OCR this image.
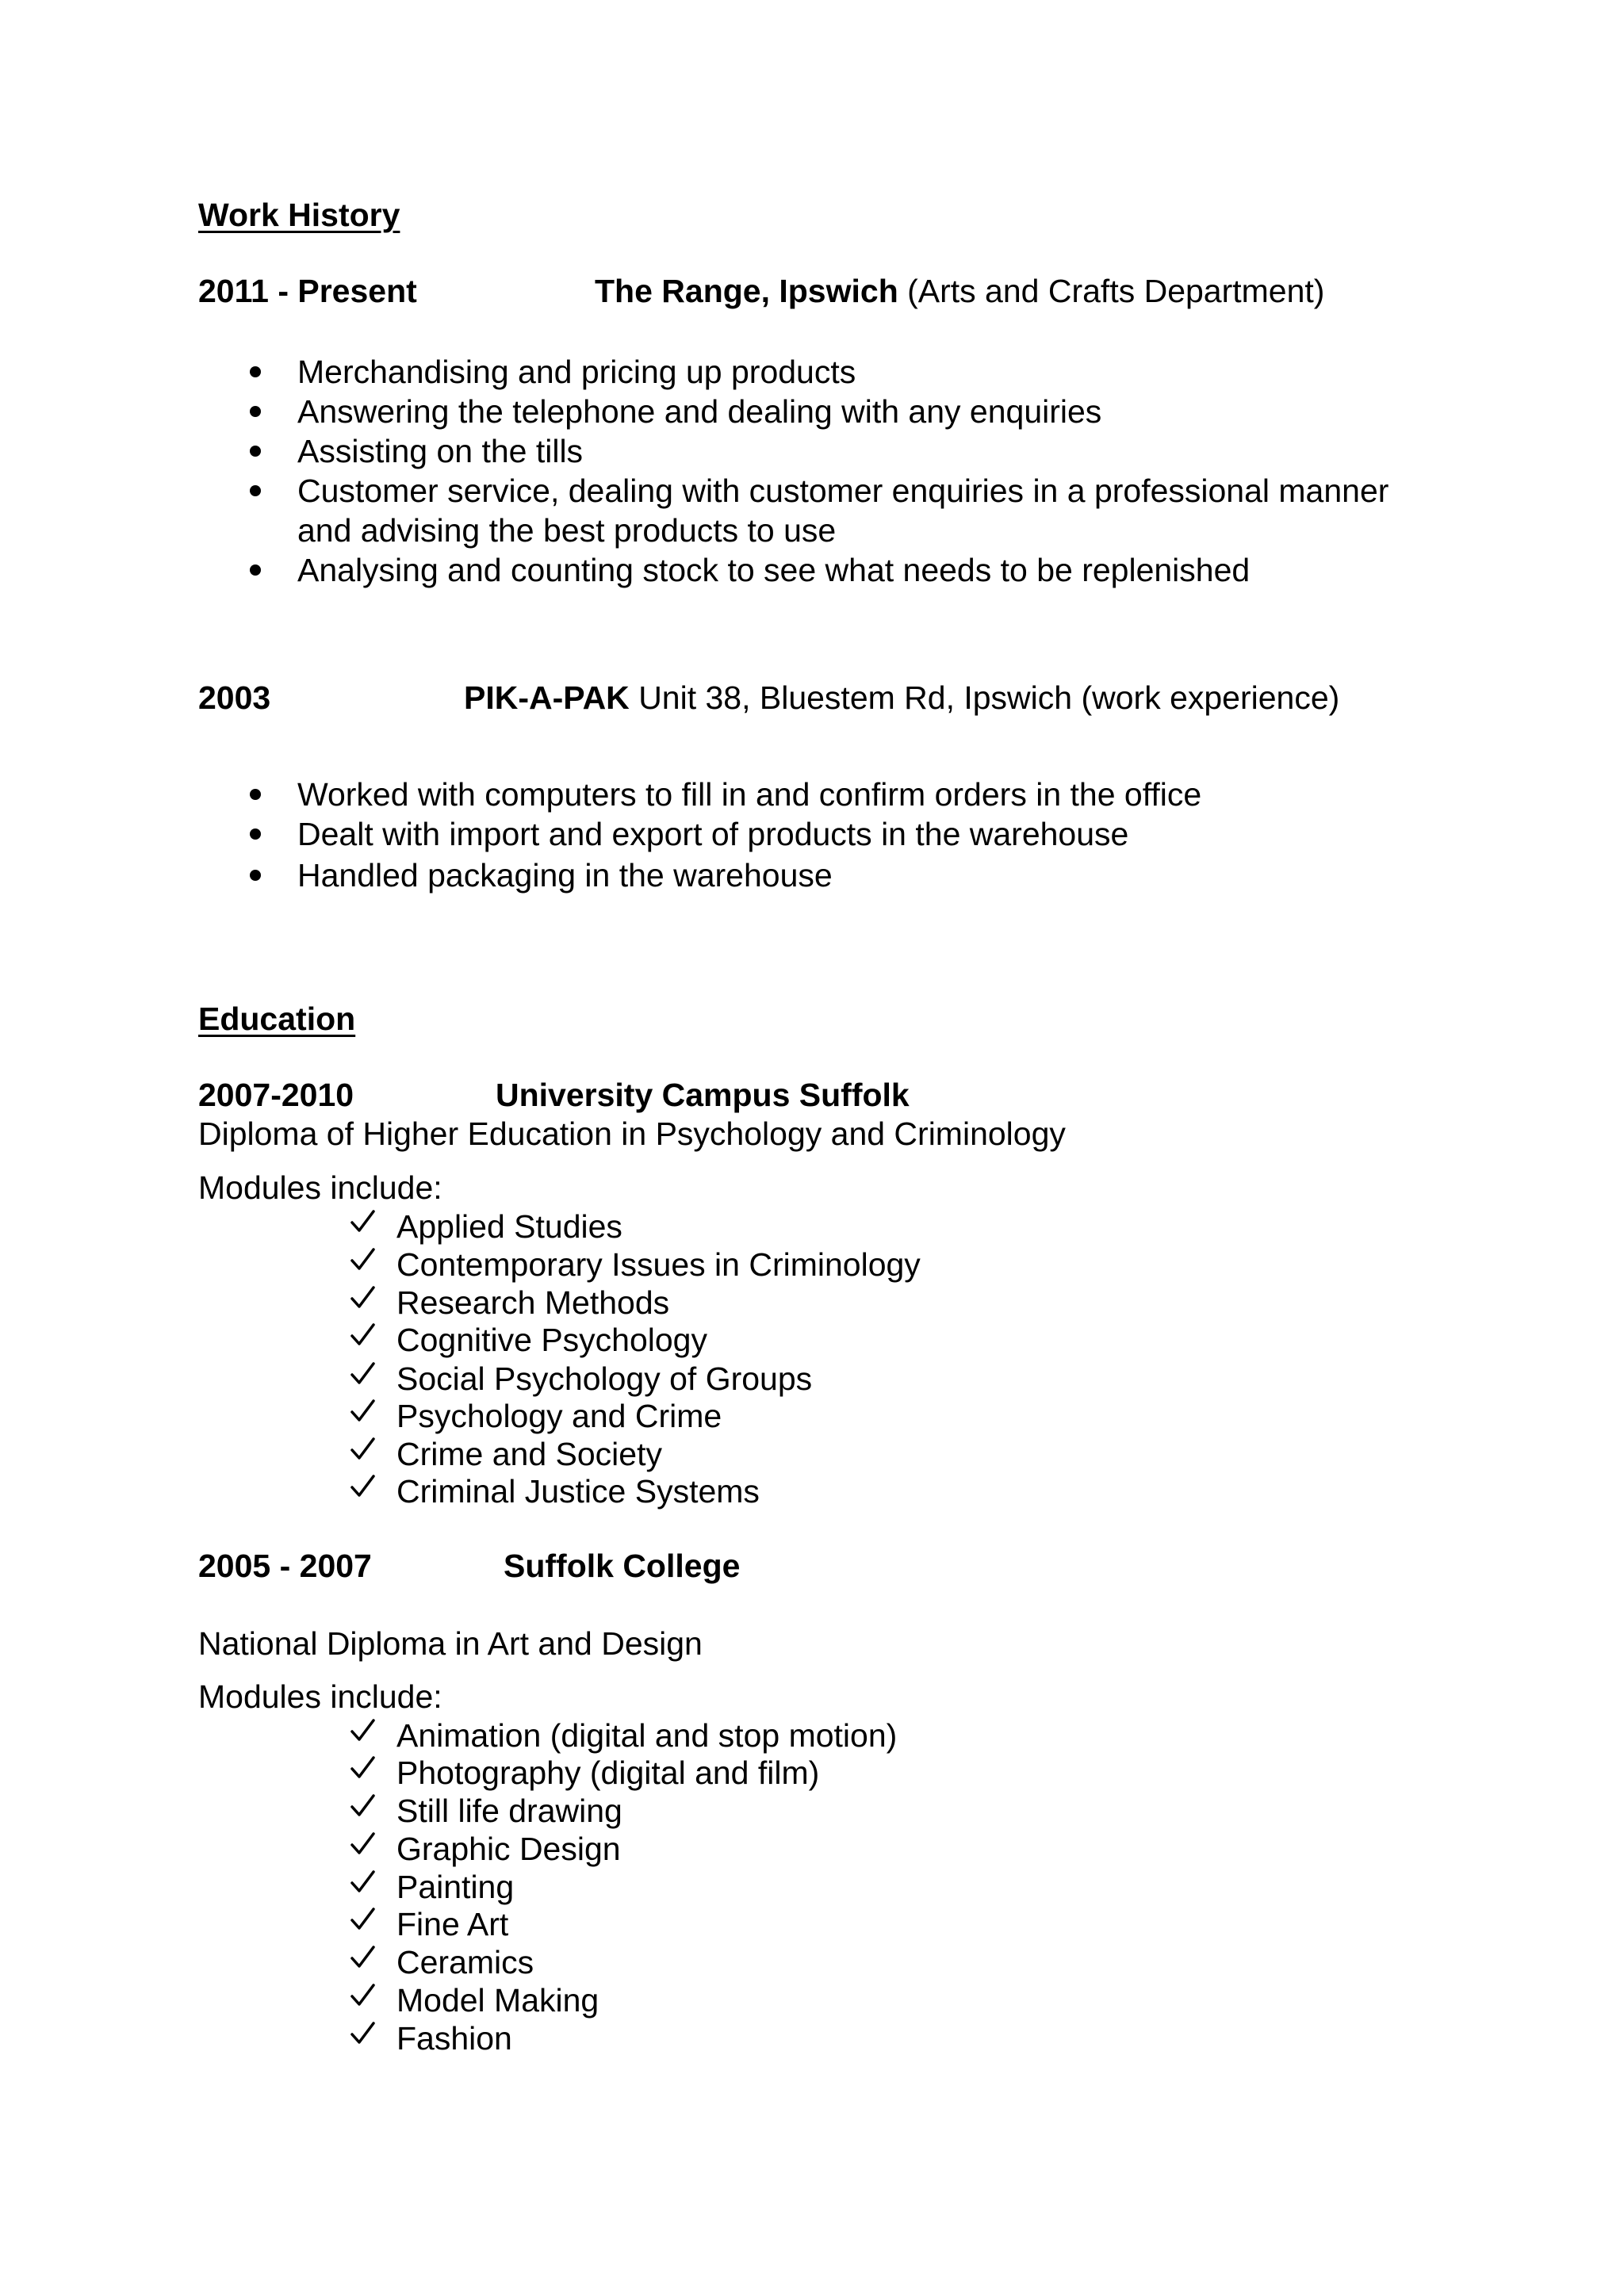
Work History
2011 - Present	The Range, Ipswich (Arts and Crafts Department)
Merchandising and pricing up products
Answering the telephone and dealing with any enquiries
Assisting on the tills
Customer service, dealing with customer enquiries in a professional manner
and advising the best products to use
Analysing and counting stock to see what needs to be replenished
2003	PIK-A-PAK Unit 38, Bluestem Rd, Ipswich (work experience)
Worked with computers to fill in and confirm orders in the office
Dealt with import and export of products in the warehouse
Handled packaging in the warehouse
Education
2007-2010	University Campus Suffolk
Diploma of Higher Education in Psychology and Criminology
Modules include:
Applied Studies
Contemporary Issues in Criminology
Research Methods
Cognitive Psychology
Social Psychology of Groups
Psychology and Crime
Crime and Society
Criminal Justice Systems
2005 - 2007	Suffolk College
National Diploma in Art and Design
Modules include:
Animation (digital and stop motion)
Photography (digital and film)
Still life drawing
Graphic Design
Painting
Fine Art
Ceramics
Model Making
Fashion
